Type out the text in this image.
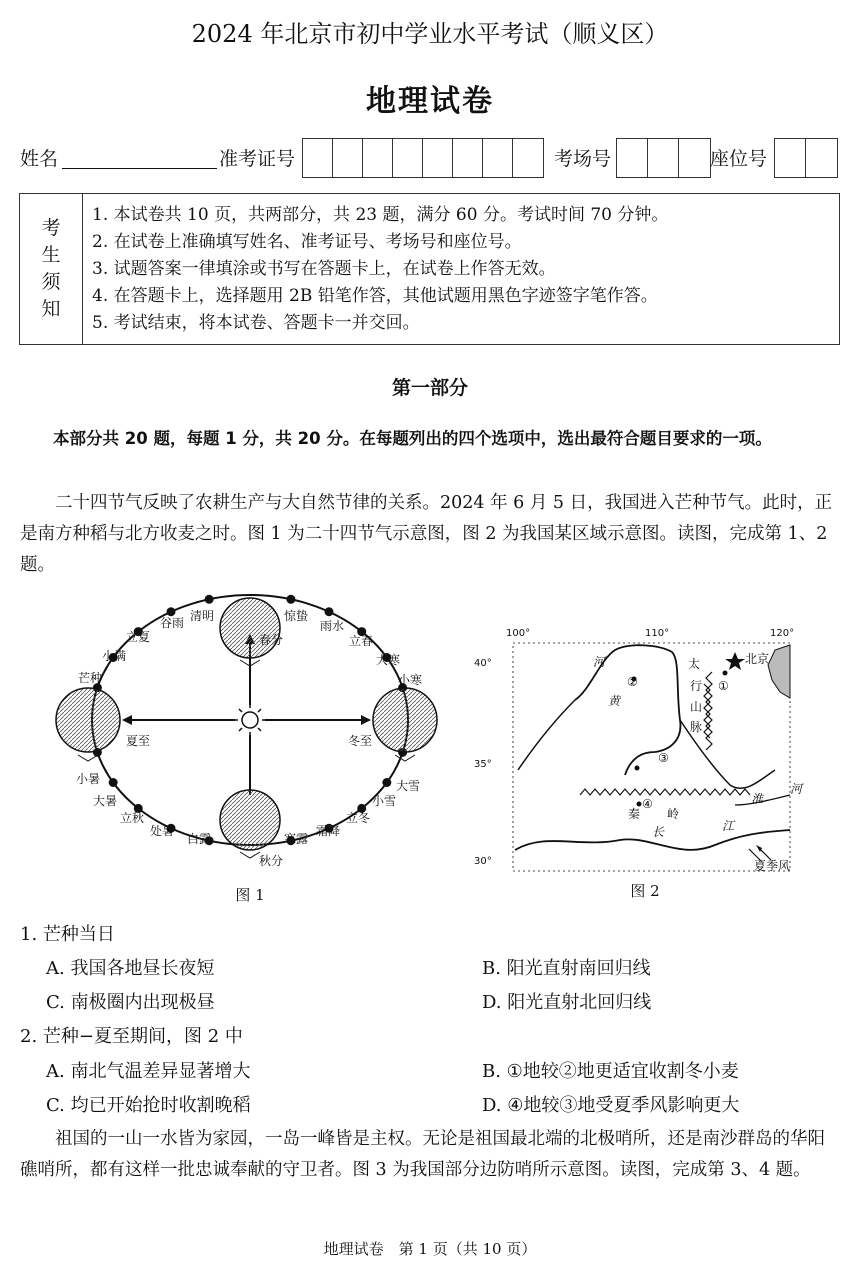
2024 年北京市初中学业水平考试（顺义区）
地理试卷
姓名	准考证号	考场号	座位号
考
生
须
知
1. 本试卷共 10 页，共两部分，共 23 题，满分 60 分。考试时间 70 分钟。
2. 在试卷上准确填写姓名、准考证号、考场号和座位号。
3. 试题答案一律填涂或书写在答题卡上，在试卷上作答无效。
4. 在答题卡上，选择题用 2B 铅笔作答，其他试题用黑色字迹签字笔作答。
5. 考试结束，将本试卷、答题卡一并交回。
第一部分
本部分共 20 题，每题 1 分，共 20 分。在每题列出的四个选项中，选出最符合题目要求的一项。
二十四节气反映了农耕生产与大自然节律的关系。2024 年 6 月 5 日，我国进入芒种节气。此时，正是南方种稻与北方收麦之时。图 1 为二十四节气示意图，图 2 为我国某区域示意图。读图，完成第 1、2 题。
清明
谷雨
立夏
小满
芒种
夏至
小暑
大暑
立秋
处暑
白露
秋分
寒露
霜降
立冬
小雪
大雪
冬至
小寒
大寒
立春
雨水
惊蛰
春分
图 1
100°	110°	120°
40°
35°
30°
北京
太
行
山
脉
河
黄
秦 岭
淮
河
长	江
夏季风
②	①
③
④
图 2
1. 芒种当日
A. 我国各地昼长夜短	B. 阳光直射南回归线
C. 南极圈内出现极昼	D. 阳光直射北回归线
2. 芒种−夏至期间，图 2 中
A. 南北气温差异显著增大	B. ①地较②地更适宜收割冬小麦
C. 均已开始抢时收割晚稻	D. ④地较③地受夏季风影响更大
祖国的一山一水皆为家园，一岛一峰皆是主权。无论是祖国最北端的北极哨所，还是南沙群岛的华阳礁哨所，都有这样一批忠诚奉献的守卫者。图 3 为我国部分边防哨所示意图。读图，完成第 3、4 题。
地理试卷　第 1 页（共 10 页）
